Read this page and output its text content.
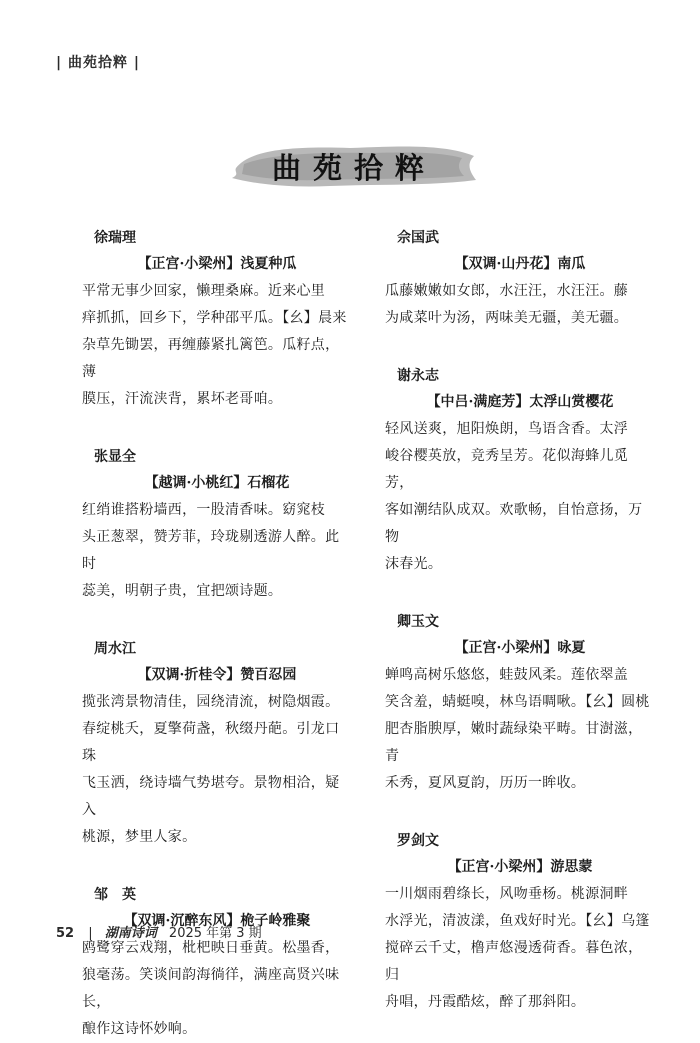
| 曲苑拾粹 |
曲苑拾粹

徐瑞理

【正宫·小梁州】浅夏种瓜

平常无事少回家，懒理桑麻。近来心里
痒抓抓，回乡下，学种邵平瓜。【幺】晨来
杂草先锄罢，再缠藤紧扎篱笆。瓜籽点，薄
膜压，汗流浃背，累坏老哥咱。

张显全

【越调·小桃红】石榴花

红绡谁搭粉墙西，一股清香味。窈窕枝
头正葱翠，赞芳菲，玲珑剔透游人醉。此时
蕊美，明朝子贵，宜把颂诗题。

周水江

【双调·折桂令】赞百忍园

揽张湾景物清佳，园绕清流，树隐烟霞。
春绽桃夭，夏擎荷盏，秋缀丹葩。引龙口珠
飞玉洒，绕诗墙气势堪夸。景物相洽，疑入
桃源，梦里人家。

邹　英

【双调·沉醉东风】桅子岭雅聚

鸥鹭穿云戏翔，枇杷映日垂黄。松墨香，
狼毫荡。笑谈间韵海徜徉，满座高贤兴味长，
酿作这诗怀妙响。

佘国武

【双调·山丹花】南瓜

瓜藤嫩嫩如女郎，水汪汪，水汪汪。藤
为咸菜叶为汤，两味美无疆，美无疆。

谢永志

【中吕·满庭芳】太浮山赏樱花

轻风送爽，旭阳焕朗，鸟语含香。太浮
峻谷樱英放，竞秀呈芳。花似海蜂儿觅芳，
客如潮结队成双。欢歌畅，自怡意扬，万物
沫春光。

卿玉文

【正宫·小梁州】咏夏

蝉鸣高树乐悠悠，蛙鼓风柔。莲依翠盖
笑含羞，蜻蜓嗅，林鸟语啁啾。【幺】圆桃
肥杏脂腴厚，嫩时蔬绿染平畴。甘澍滋，青
禾秀，夏风夏韵，历历一眸收。

罗剑文

【正宫·小梁州】游思蒙

一川烟雨碧绦长，风吻垂杨。桃源洞畔
水浮光，清波漾，鱼戏好时光。【幺】乌篷
搅碎云千丈，橹声悠漫透荷香。暮色浓，归
舟唱，丹霞酷炫，醉了那斜阳。
52 | 湖南诗词 2025 年第 3 期
